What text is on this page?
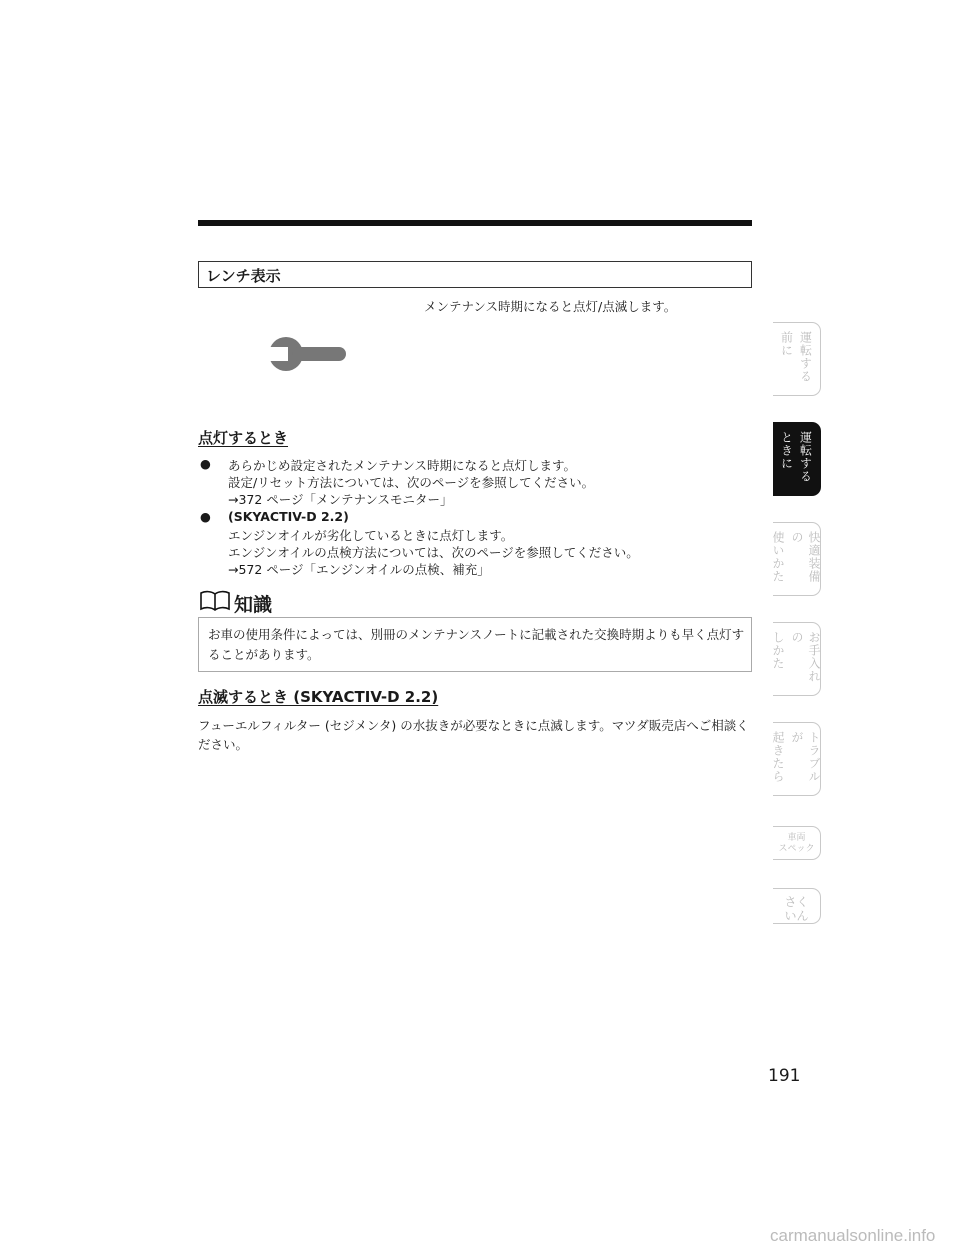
レンチ表示
メンテナンス時期になると点灯/点滅します。
点灯するとき
● あらかじめ設定されたメンテナンス時期になると点灯します。
設定/リセット方法については、次のページを参照してください。
→372 ページ「メンテナンスモニター」
● (SKYACTIV-D 2.2)
エンジンオイルが劣化しているときに点灯します。
エンジンオイルの点検方法については、次のページを参照してください。
→572 ページ「エンジンオイルの点検、補充」
知識
お車の使用条件によっては、別冊のメンテナンスノートに記載された交換時期よりも早く点灯することがあります。
点滅するとき (SKYACTIV-D 2.2)
フューエルフィルター (セジメンタ) の水抜きが必要なときに点滅します。マツダ販売店へご相談ください。
運転する
前に
運転する
ときに
快適装備の
使いかた
お手入れの
しかた
トラブルが
起きたら
車両
スペック
さく
いん
191
carmanualsonline.info
